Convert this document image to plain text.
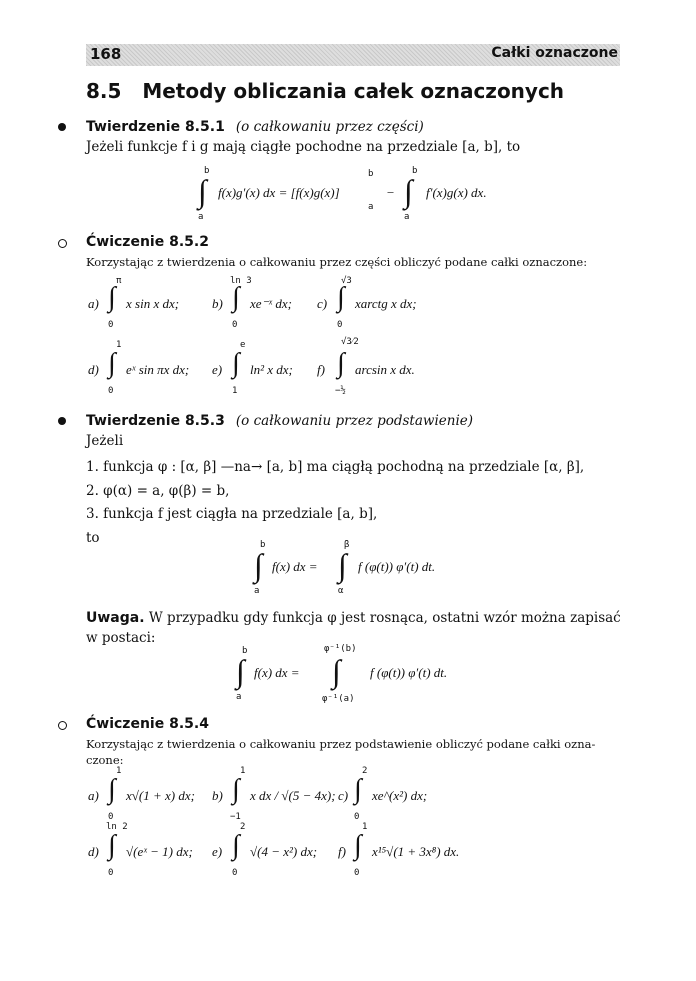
168	Całki oznaczone
8.5 Metody obliczania całek oznaczonych
Twierdzenie 8.5.1 (o całkowaniu przez części)
Jeżeli funkcje f i g mają ciągłe pochodne na przedziale [a, b], to
b
∫
a
f(x)g′(x) dx = [f(x)g(x)]
b
a
−
b
∫
a
f′(x)g(x) dx.
Ćwiczenie 8.5.2
Korzystając z twierdzenia o całkowaniu przez części obliczyć podane całki oznaczone:
a)
π
∫
0
x sin x dx;	b)
ln 3
∫
0
xe⁻ˣ dx; c)
√3
∫
0
xarctg x dx;
d)
1
∫
0
eˣ sin πx dx; e)
e
∫
1
ln² x dx; f)
√3⁄2
∫
−½
arcsin x dx.
Twierdzenie 8.5.3 (o całkowaniu przez podstawienie)
Jeżeli
1. funkcja φ : [α, β] —na→ [a, b] ma ciągłą pochodną na przedziale [α, β],
2. φ(α) = a, φ(β) = b,
3. funkcja f jest ciągła na przedziale [a, b],
to	b
∫
a
f(x) dx =
β
∫
α
f (φ(t)) φ′(t) dt.
Uwaga. W przypadku gdy funkcja φ jest rosnąca, ostatni wzór można zapisać w postaci:
b
∫
a
f(x) dx =
φ⁻¹(b)
∫
φ⁻¹(a)
f (φ(t)) φ′(t) dt.
Ćwiczenie 8.5.4
Korzystając z twierdzenia o całkowaniu przez podstawienie obliczyć podane całki ozna-
czone:
a)
1
∫
0
x√(1 + x) dx; b)
1
∫
−1
x dx / √(5 − 4x); c)
2
∫
0
xe^(x²) dx;
d)
ln 2
∫
0
√(eˣ − 1) dx; e)
2
∫
0
√(4 − x²) dx; f)
1
∫
0
x¹⁵√(1 + 3x⁸) dx.
